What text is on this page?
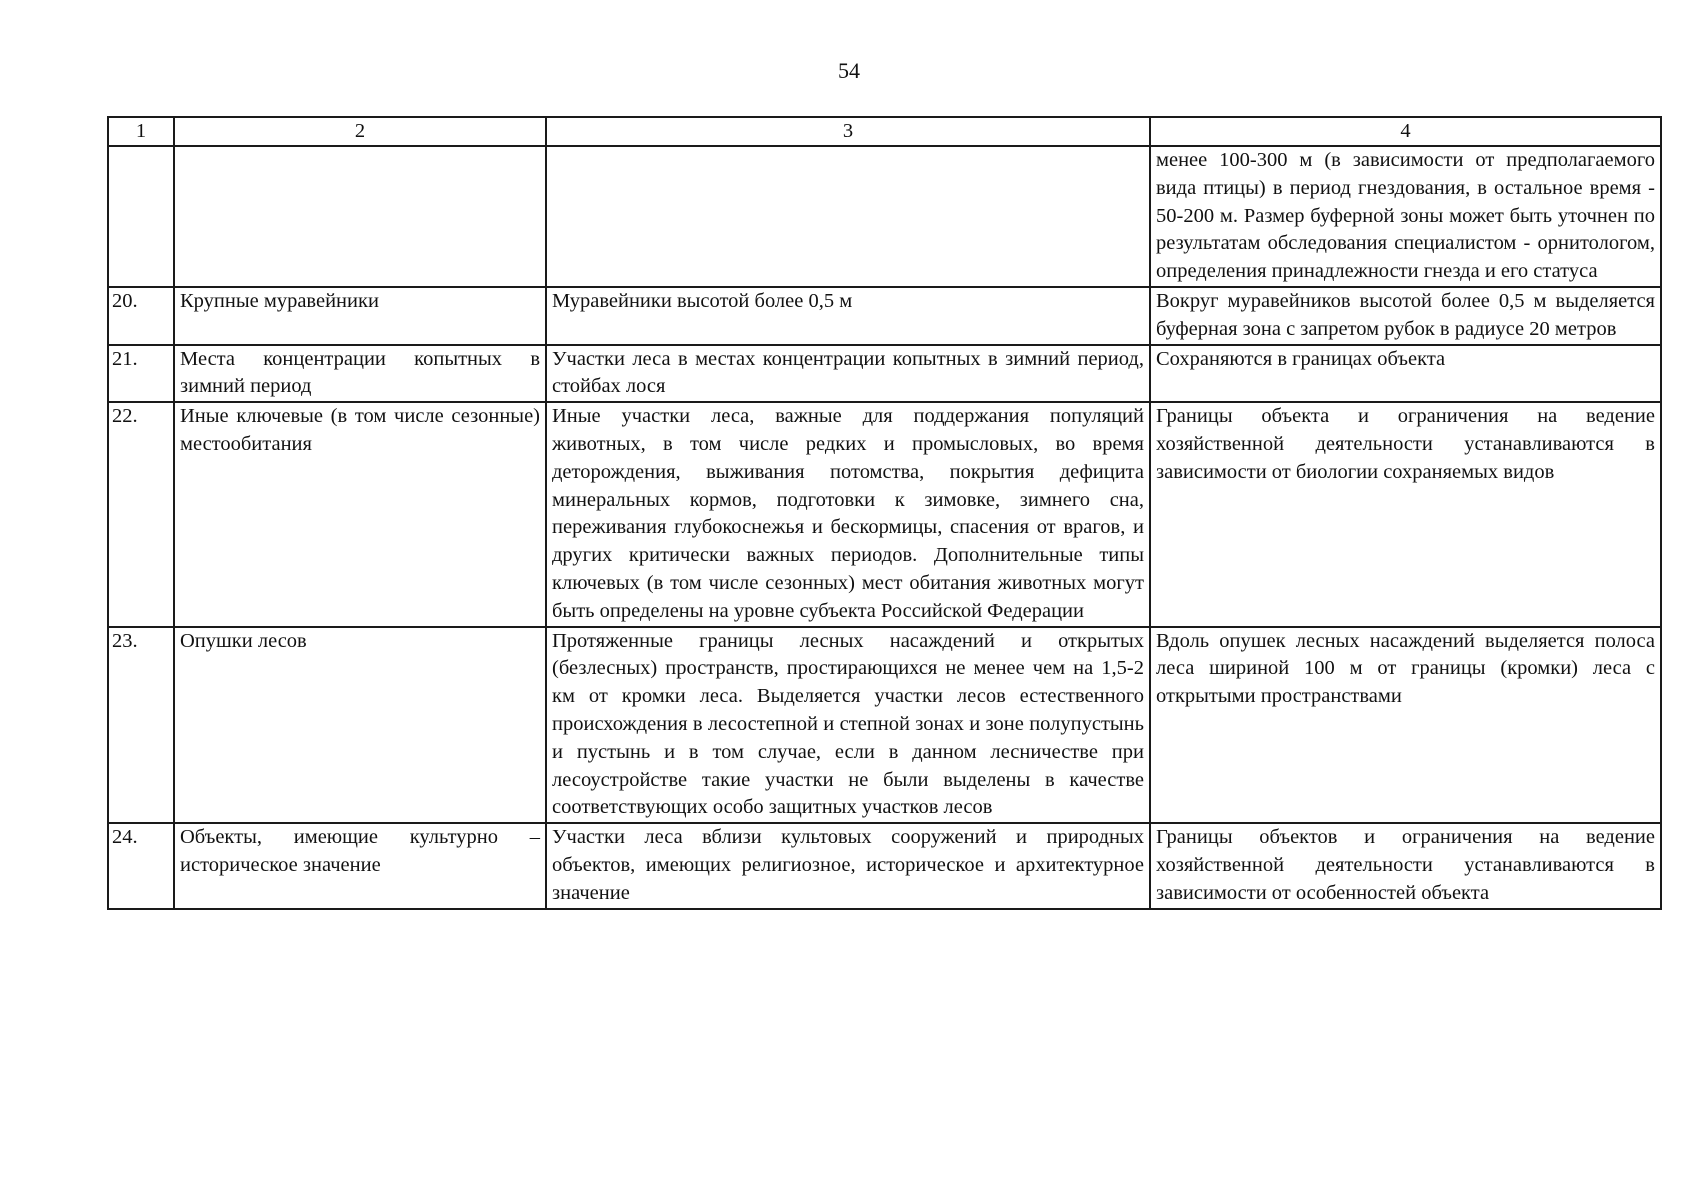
54
1	2	3	4
			менее 100-300 м (в зависимости от предполагаемого вида птицы) в период гнездования, в остальное время - 50-200 м. Размер буферной зоны может быть уточнен по результатам обследования специалистом - орнитологом, определения принадлежности гнезда и его статуса
20.	Крупные муравейники	Муравейники высотой более 0,5 м	Вокруг муравейников высотой более 0,5 м выделяется буферная зона с запретом рубок в радиусе 20 метров
21.	Места концентрации копытных в зимний период	Участки леса в местах концентрации копытных в зимний период, стойбах лося	Сохраняются в границах объекта
22.	Иные ключевые (в том числе сезонные) местообитания	Иные участки леса, важные для поддержания популяций животных, в том числе редких и промысловых, во время деторождения, выживания потомства, покрытия дефицита минеральных кормов, подготовки к зимовке, зимнего сна, переживания глубокоснежья и бескормицы, спасения от врагов, и других критически важных периодов. Дополнительные типы ключевых (в том числе сезонных) мест обитания животных могут быть определены на уровне субъекта Российской Федерации	Границы объекта и ограничения на ведение хозяйственной деятельности устанавливаются в зависимости от биологии сохраняемых видов
23.	Опушки лесов	Протяженные границы лесных насаждений и открытых (безлесных) пространств, простирающихся не менее чем на 1,5-2 км от кромки леса. Выделяется участки лесов естественного происхождения в лесостепной и степной зонах и зоне полупустынь и пустынь и в том случае, если в данном лесничестве при лесоустройстве такие участки не были выделены в качестве соответствующих особо защитных участков лесов	Вдоль опушек лесных насаждений выделяется полоса леса шириной 100 м от границы (кромки) леса с открытыми пространствами
24.	Объекты, имеющие культурно – историческое значение	Участки леса вблизи культовых сооружений и природных объектов, имеющих религиозное, историческое и архитектурное значение	Границы объектов и ограничения на ведение хозяйственной деятельности устанавливаются в зависимости от особенностей объекта
